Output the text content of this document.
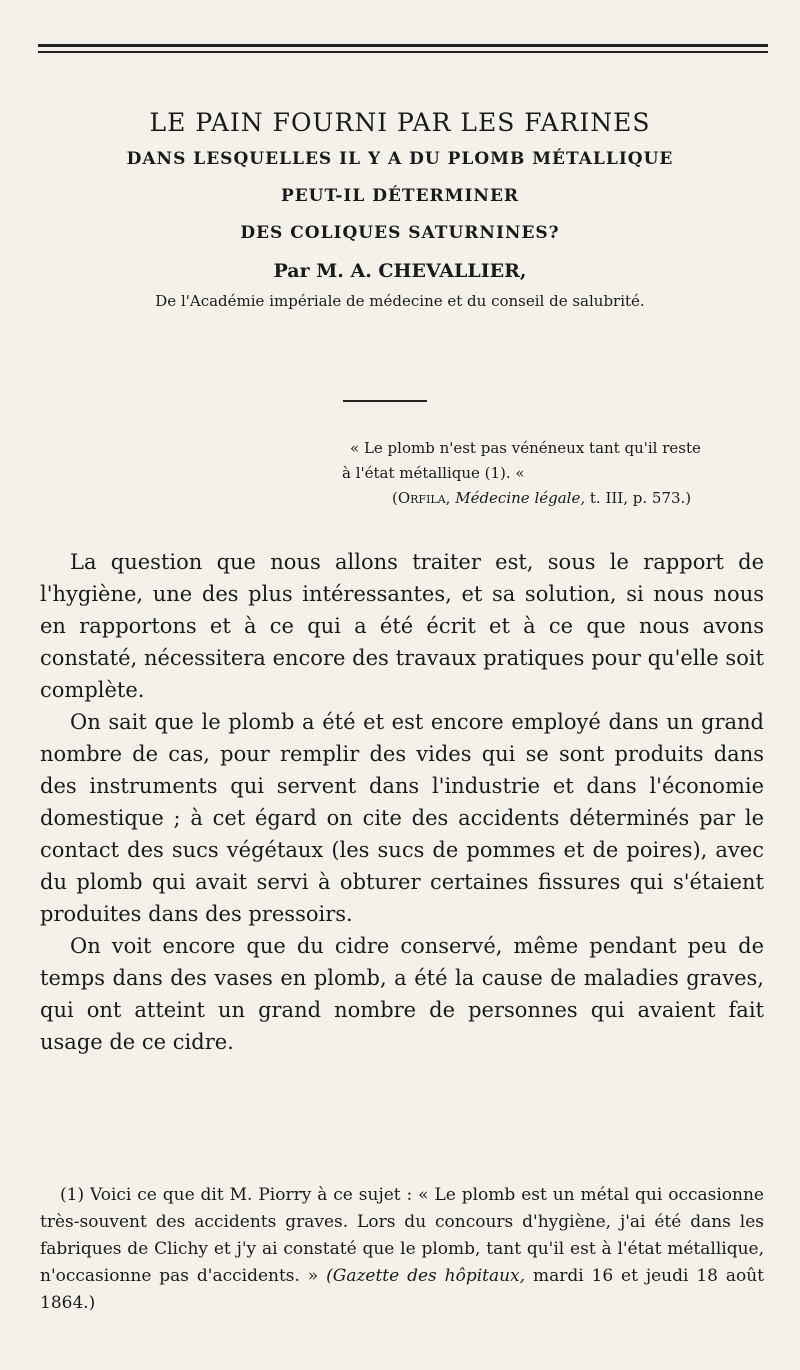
LE PAIN FOURNI PAR LES FARINES
DANS LESQUELLES IL Y A DU PLOMB MÉTALLIQUE
PEUT-IL DÉTERMINER
DES COLIQUES SATURNINES?
Par M. A. CHEVALLIER,
De l'Académie impériale de médecine et du conseil de salubrité.
« Le plomb n'est pas vénéneux tant qu'il reste
à l'état métallique (1). «
(Orfila, Médecine légale, t. III, p. 573.)

La question que nous allons traiter est, sous le rapport de l'hygiène, une des plus intéressantes, et sa solution, si nous nous en rapportons et à ce qui a été écrit et à ce que nous avons constaté, nécessitera encore des travaux pratiques pour qu'elle soit complète.

On sait que le plomb a été et est encore employé dans un grand nombre de cas, pour remplir des vides qui se sont produits dans des instruments qui servent dans l'industrie et dans l'économie domestique ; à cet égard on cite des accidents déterminés par le contact des sucs végétaux (les sucs de pommes et de poires), avec du plomb qui avait servi à obturer certaines fissures qui s'étaient produites dans des pressoirs.

On voit encore que du cidre conservé, même pendant peu de temps dans des vases en plomb, a été la cause de maladies graves, qui ont atteint un grand nombre de personnes qui avaient fait usage de ce cidre.

(1) Voici ce que dit M. Piorry à ce sujet : « Le plomb est un métal qui occasionne très-souvent des accidents graves. Lors du concours d'hygiène, j'ai été dans les fabriques de Clichy et j'y ai constaté que le plomb, tant qu'il est à l'état métallique, n'occasionne pas d'accidents. » (Gazette des hôpitaux, mardi 16 et jeudi 18 août 1864.)
